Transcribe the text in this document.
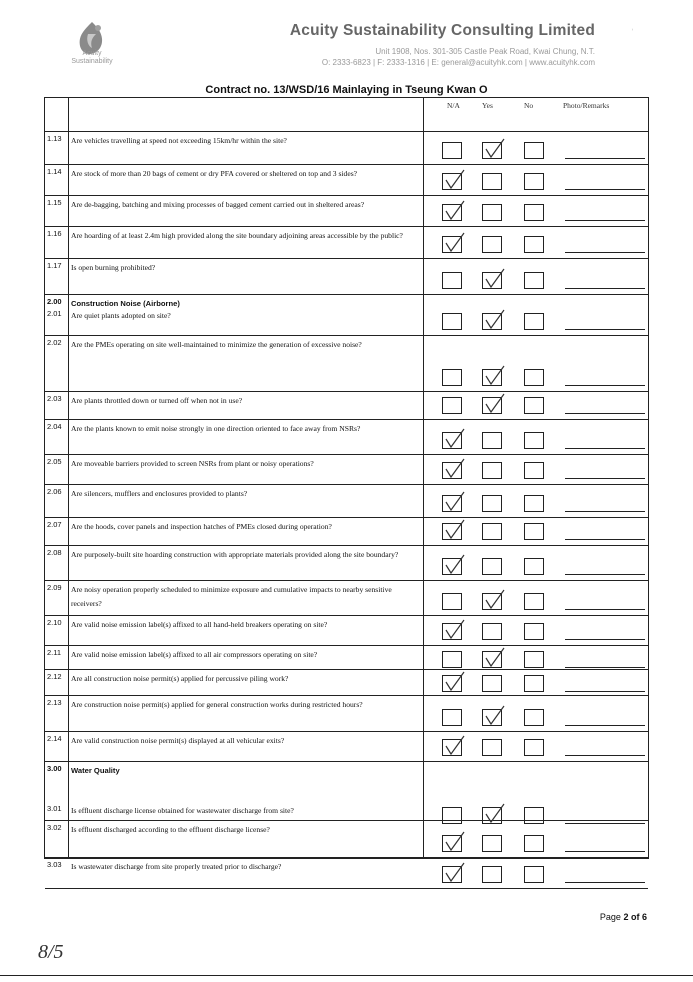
Acuity
Sustainability
Acuity Sustainability Consulting Limited
Unit 1908, Nos. 301-305 Castle Peak Road, Kwai Chung, N.T.
O: 2333-6823 | F: 2333-1316 | E: general@acuityhk.com | www.acuityhk.com
ʾ
Contract no. 13/WSD/16 Mainlaying in Tseung Kwan O
N/A	Yes	No	Photo/Remarks
1.13 Are vehicles travelling at speed not exceeding 15km/hr within the site?
1.14 Are stock of more than 20 bags of cement or dry PFA covered or sheltered on top and 3 sides?
1.15 Are de-bagging, batching and mixing processes of bagged cement carried out in sheltered areas?
1.16 Are hoarding of at least 2.4m high provided along the site boundary adjoining areas accessible by the public?
1.17 Is open burning prohibited?
2.00 Construction Noise (Airborne)
2.01 Are quiet plants adopted on site?
2.02 Are the PMEs operating on site well-maintained to minimize the generation of excessive noise?
2.03 Are plants throttled down or turned off when not in use?
2.04 Are the plants known to emit noise strongly in one direction oriented to face away from NSRs?
2.05 Are moveable barriers provided to screen NSRs from plant or noisy operations?
2.06 Are silencers, mufflers and enclosures provided to plants?
2.07 Are the hoods, cover panels and inspection hatches of PMEs closed during operation?
2.08 Are purposely-built site hoarding construction with appropriate materials provided along the site boundary?
2.09 Are noisy operation properly scheduled to minimize exposure and cumulative impacts to nearby sensitive receivers?
2.10 Are valid noise emission label(s) affixed to all hand-held breakers operating on site?
2.11 Are valid noise emission label(s) affixed to all air compressors operating on site?
2.12 Are all construction noise permit(s) applied for percussive piling work?
2.13 Are construction noise permit(s) applied for general construction works during restricted hours?
2.14 Are valid construction noise permit(s) displayed at all vehicular exits?
3.00 Water Quality
3.01 Is effluent discharge license obtained for wastewater discharge from site?
3.02 Is effluent discharged according to the effluent discharge license?
3.03 Is wastewater discharge from site properly treated prior to discharge?
Page 2 of 6
8/5
